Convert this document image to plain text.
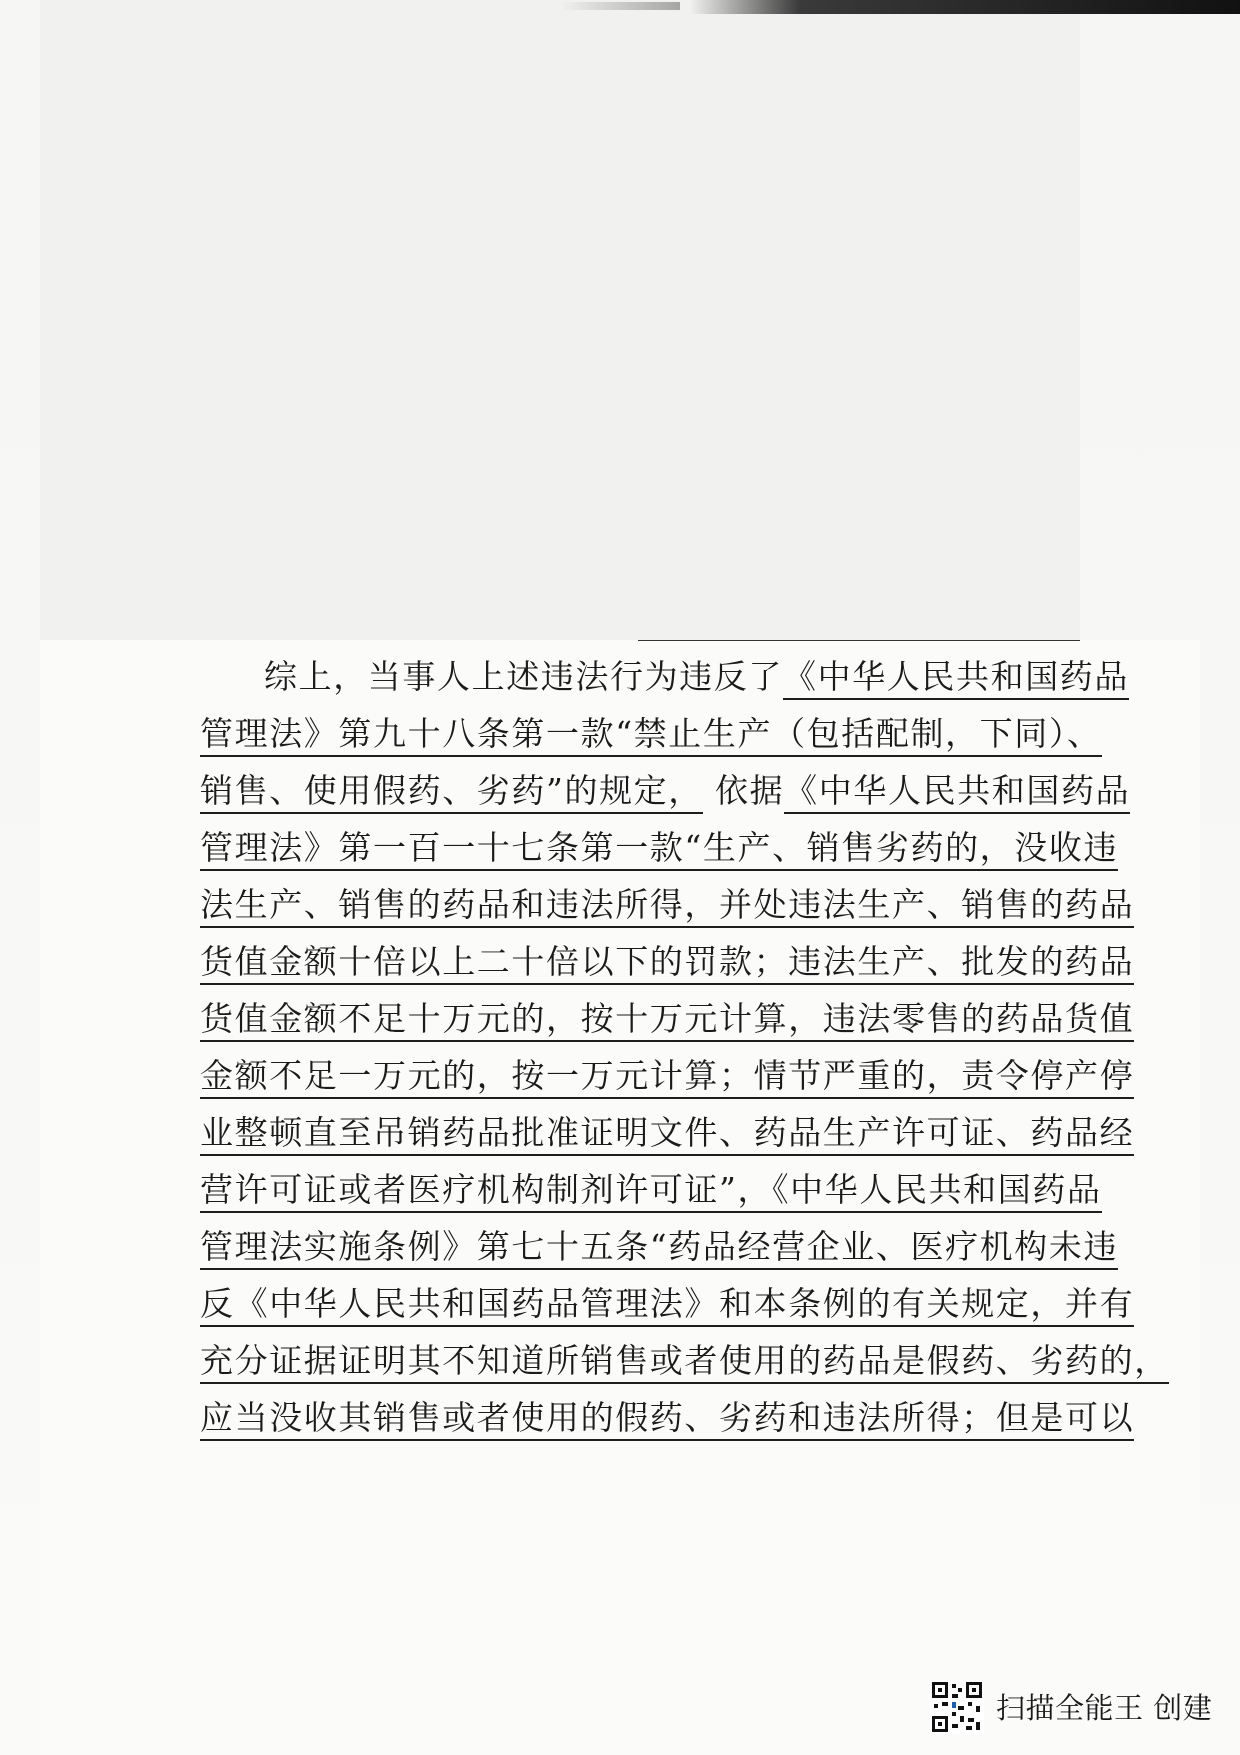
综上，当事人上述违法行为违反了《中华人民共和国药品
管理法》第九十八条第一款“禁止生产（包括配制，下同）、
销售、使用假药、劣药”的规定， 依据《中华人民共和国药品
管理法》第一百一十七条第一款“生产、销售劣药的，没收违
法生产、销售的药品和违法所得，并处违法生产、销售的药品
货值金额十倍以上二十倍以下的罚款；违法生产、批发的药品
货值金额不足十万元的，按十万元计算，违法零售的药品货值
金额不足一万元的，按一万元计算；情节严重的，责令停产停
业整顿直至吊销药品批准证明文件、药品生产许可证、药品经
营许可证或者医疗机构制剂许可证”，《中华人民共和国药品
管理法实施条例》第七十五条“药品经营企业、医疗机构未违
反《中华人民共和国药品管理法》和本条例的有关规定，并有
充分证据证明其不知道所销售或者使用的药品是假药、劣药的，
应当没收其销售或者使用的假药、劣药和违法所得；但是可以
扫描全能王 创建
